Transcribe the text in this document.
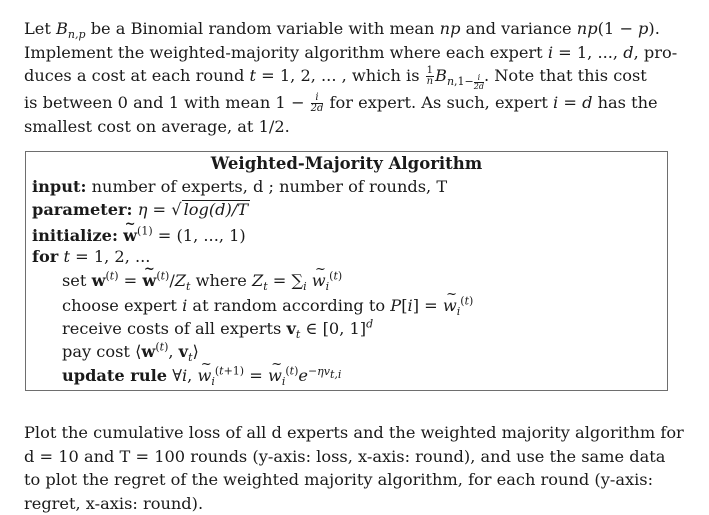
Let $B_{n,p}$ be a Binomial random variable with mean np and variance np(1 − p).

Implement the weighted-majority algorithm where each expert i = 1, ..., d, pro-

duces a cost at each round t = 1, 2, ... , which is $\frac{1}{n} B_{n,1- \frac{i}{2d}}$ . Note that this cost

is between 0 and 1 with mean $1 - \frac{i}{2d}$ for expert. As such, expert i = d has the

smallest cost on average, at 1/2.

Weighted-Majority Algorithm
input: number of experts, d ; number of rounds, T
parameter: η = √ log(d)/T
initialize: ~ $w^{(1)} = (1$, ..., 1)
for t = 1, 2, ...
set $w^{(t)}$ = ~ $w^{(t)}/Z_t$ where $Z_t = \sum_i$ ~ $w_i^{(t)}$
choose expert i at random according to P[i] = ~ $w_i^{(t)}$
receive costs of all experts $v_t$ ∈ [0, 1]$^d$
pay cost $⟨w^{(t)}$, $v_t⟩$
update rule ∀i, ~ $w_i^{(t+1)}$ = ~ $w_i^{(t)}e^{-\eta v_{t,i}}$

Plot the cumulative loss of all d experts and the weighted majority algorithm for d = 10 and T = 100 rounds (y-axis: loss, x-axis: round), and use the same data to plot the regret of the weighted majority algorithm, for each round (y-axis: regret, x-axis: round).
